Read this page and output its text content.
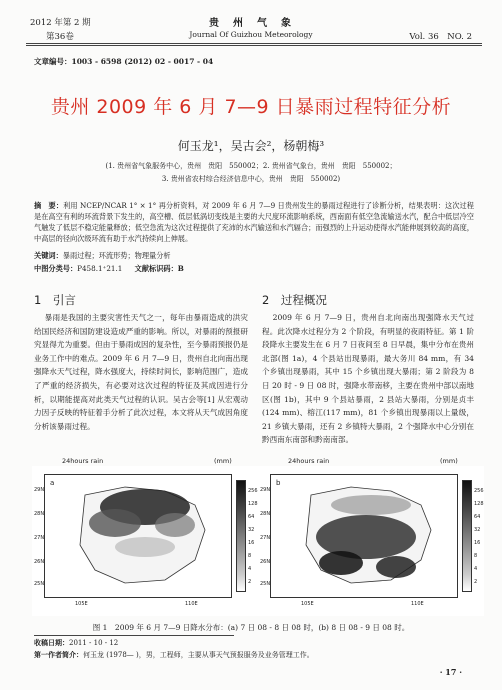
2012 年第 2 期
第36卷
贵　州　气　象
Journal Of Guizhou Meteorology	Vol. 36　NO. 2
文章编号：1003 - 6598 (2012) 02 - 0017 - 04
贵州 2009 年 6 月 7—9 日暴雨过程特征分析
何玉龙¹，吴古会²，杨朝梅³
(1. 贵州省气象服务中心，贵州　贵阳　550002；2. 贵州省气象台，贵州　贵阳　550002；
3. 贵州省农村综合经济信息中心，贵州　贵阳　550002)
摘　要：利用 NCEP/NCAR 1° × 1° 再分析资料，对 2009 年 6 月 7—9 日贵州发生的暴雨过程进行了诊断分析，结果表明：这次过程是在高空有利的环流背景下发生的，高空槽、低层低涡切变线是主要的大尺度环流影响系统，西南面有低空急流输送水汽，配合中低层冷空气触发了低层不稳定能量释放；低空急流为这次过程提供了充沛的水汽输送和水汽辐合；而强烈的上升运动使得水汽能伸展到较高的高度，中高层的径向次级环流有助于水汽持续向上伸展。
关键词：暴雨过程；环流形势；物理量分析
中图分类号：P458.1⁺21.1 文献标识码：B
1　引言

暴雨是我国的主要灾害性天气之一，每年由暴雨造成的洪灾给国民经济和国防建设造成严重的影响。所以，对暴雨的预报研究显得尤为重要。但由于暴雨成因的复杂性，至今暴雨预报仍是业务工作中的难点。2009 年 6 月 7—9 日，贵州自北向南出现强降水天气过程，降水强度大，持续时间长，影响范围广，造成了严重的经济损失，有必要对这次过程的特征及其成因进行分析，以期能提高对此类天气过程的认识。吴古会等[1] 从宏观动力因子反映的特征着手分析了此次过程，本文将从天气成因角度分析该暴雨过程。

2　过程概况

2009 年 6 月 7—9 日，贵州自北向南出现强降水天气过程。此次降水过程分为 2 个阶段，有明显的夜雨特征。第 1 阶段降水主要发生在 6 月 7 日夜间至 8 日早晨，集中分布在贵州北部(图 1a)，4 个县站出现暴雨，最大务川 84 mm，有 34 个乡镇出现暴雨，其中 15 个乡镇出现大暴雨；第 2 阶段为 8 日 20 时 - 9 日 08 时，强降水带南移，主要在贵州中部以南地区(图 1b)，其中 9 个县站暴雨，2 县站大暴雨，分别是贞丰(124 mm)、榕江(117 mm)，81 个乡镇出现暴雨以上量级，21 乡镇大暴雨，还有 2 乡镇特大暴雨，2 个强降水中心分别在黔西南东南部和黔南南部。

24hours rain	(mm)
a
29N
28N
27N
26N
25N
105E	110E
256
128
64
32
16
8
4
2
24hours rain	(mm)
b
29N
28N
27N
26N
25N
105E	110E
256
128
64
32
16
8
4
2
图 1　2009 年 6 月 7—9 日降水分布：(a) 7 日 08 - 8 日 08 时，(b) 8 日 08 - 9 日 08 时。
收稿日期：2011 - 10 - 12
第一作者简介：何玉龙 (1978— )，男，工程师，主要从事天气预报服务及业务管理工作。
· 17 ·
